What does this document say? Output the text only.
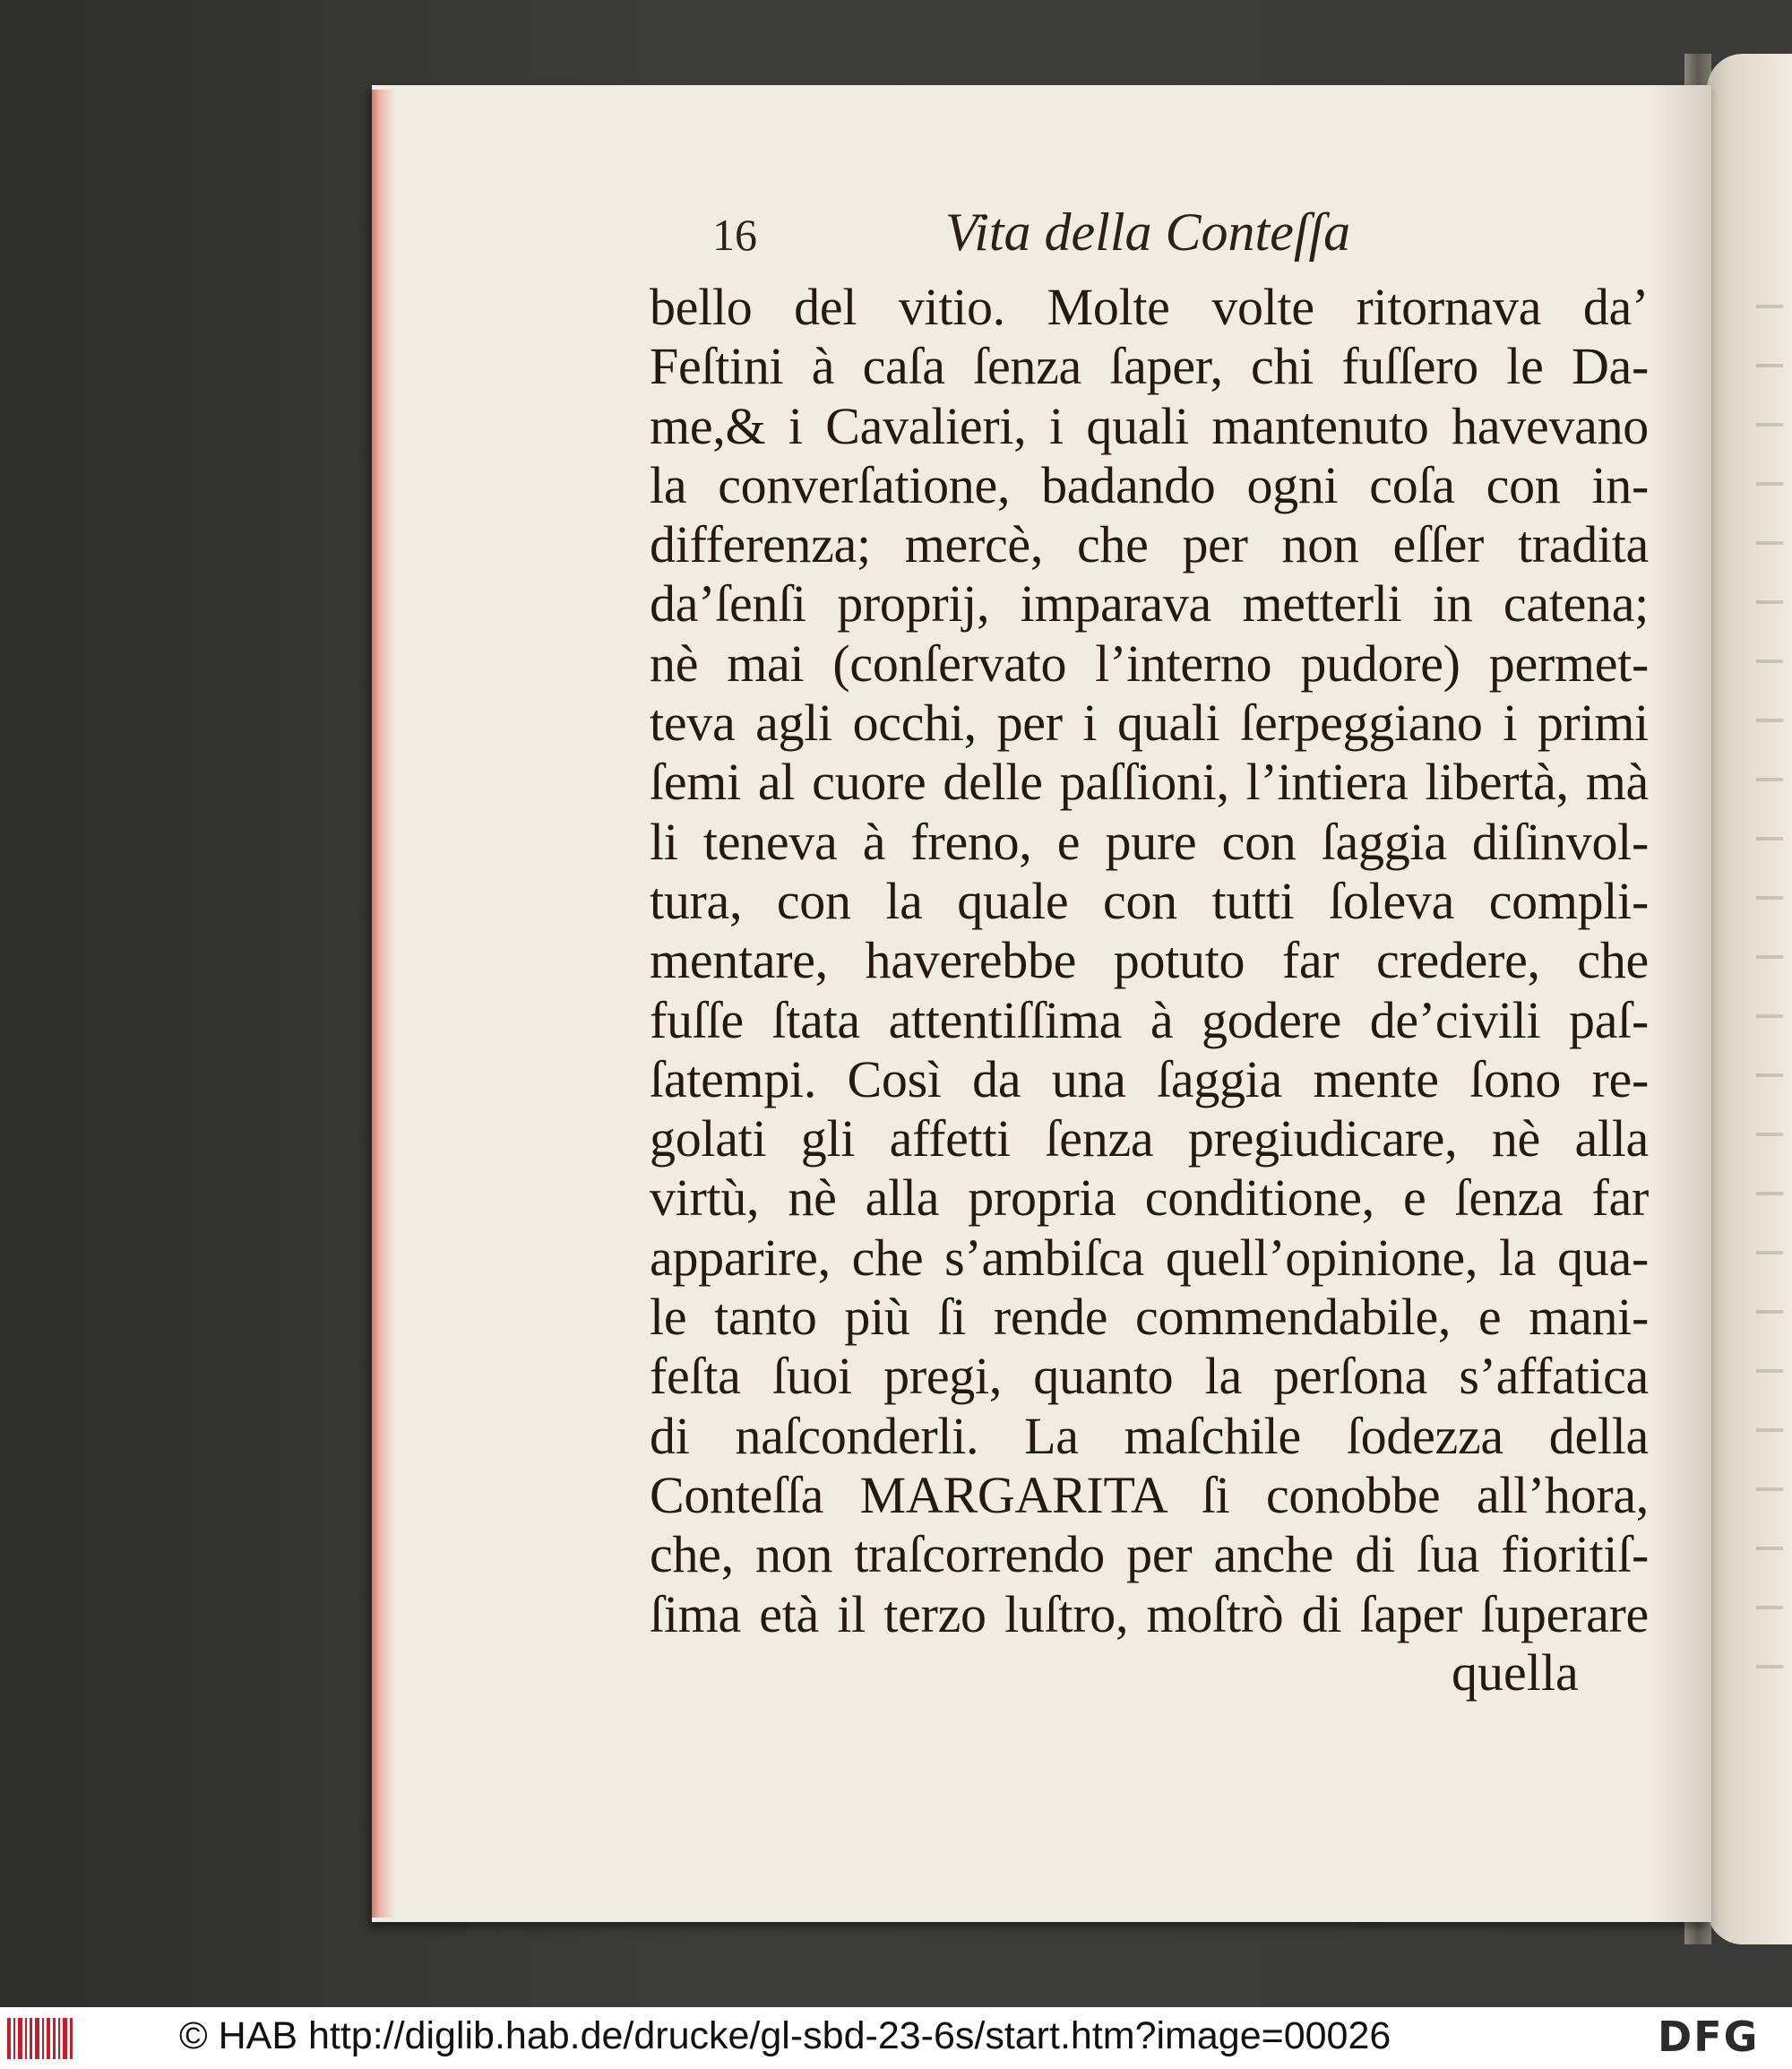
16	Vita della Conteſſa
bello del vitio. Molte volte ritornava da’
Feſtini à caſa ſenza ſaper, chi fuſſero le Da-
me,& i Cavalieri, i quali mantenuto havevano
la converſatione, badando ogni coſa con in-
differenza; mercè, che per non eſſer tradita
da’ſenſi proprij, imparava metterli in catena;
nè mai (conſervato l’interno pudore) permet-
teva agli occhi, per i quali ſerpeggiano i primi
ſemi al cuore delle paſſioni, l’intiera libertà, mà
li teneva à freno, e pure con ſaggia diſinvol-
tura, con la quale con tutti ſoleva compli-
mentare, haverebbe potuto far credere, che
fuſſe ſtata attentiſſima à godere de’civili paſ-
ſatempi. Così da una ſaggia mente ſono re-
golati gli affetti ſenza pregiudicare, nè alla
virtù, nè alla propria conditione, e ſenza far
apparire, che s’ambiſca quell’opinione, la qua-
le tanto più ſi rende commendabile, e mani-
feſta ſuoi pregi, quanto la perſona s’affatica
di naſconderli. La maſchile ſodezza della
Conteſſa MARGARITA ſi conobbe all’hora,
che, non traſcorrendo per anche di ſua fioritiſ-
ſima età il terzo luſtro, moſtrò di ſaper ſuperare
quella
© HAB http://diglib.hab.de/drucke/gl-sbd-23-6s/start.htm?image=00026	DFG
